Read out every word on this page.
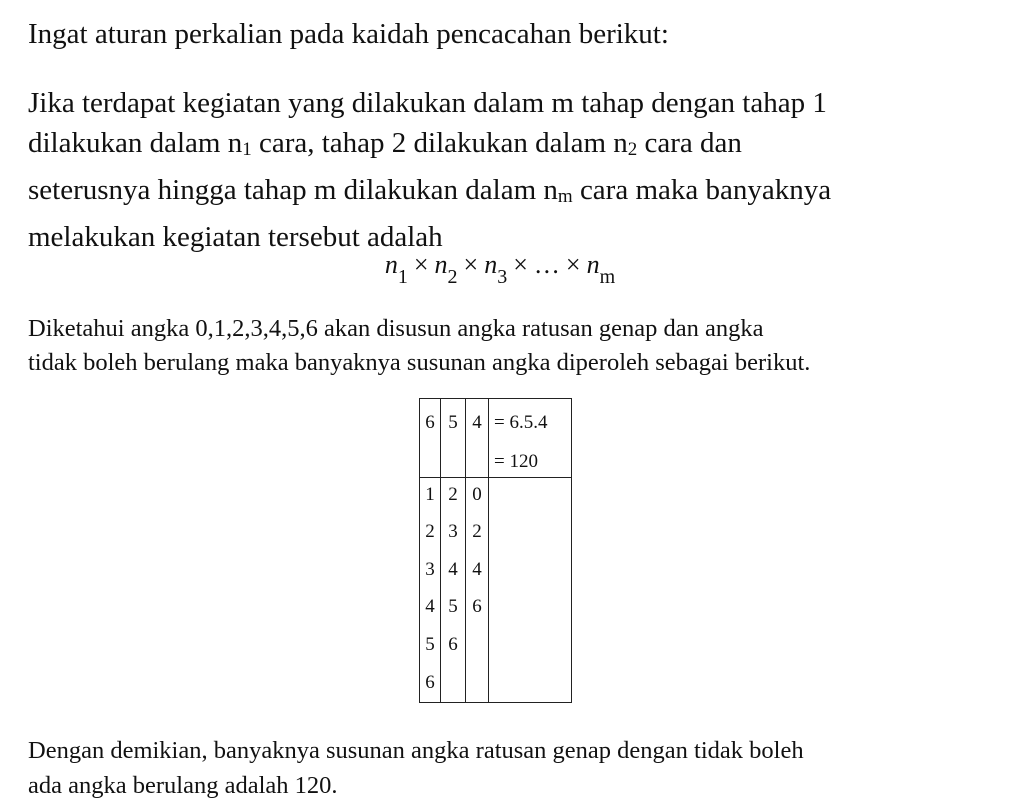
Ingat aturan perkalian pada kaidah pencacahan berikut:

Jika terdapat kegiatan yang dilakukan dalam m tahap dengan tahap 1
dilakukan dalam n1 cara, tahap 2 dilakukan dalam n2 cara dan
seterusnya hingga tahap m dilakukan dalam nm cara maka banyaknya
melakukan kegiatan tersebut adalah
$n_1 \times n_2 \times n_3$ × … × $n_m$

Diketahui angka 0,1,2,3,4,5,6 akan disusun angka ratusan genap dan angka
tidak boleh berulang maka banyaknya susunan angka diperoleh sebagai berikut.

6 5 4
1
2
3
4
5
6
2
3
4
5
6
0
2
4
6
= 6.5.4
= 120

Dengan demikian, banyaknya susunan angka ratusan genap dengan tidak boleh
ada angka berulang adalah 120.
